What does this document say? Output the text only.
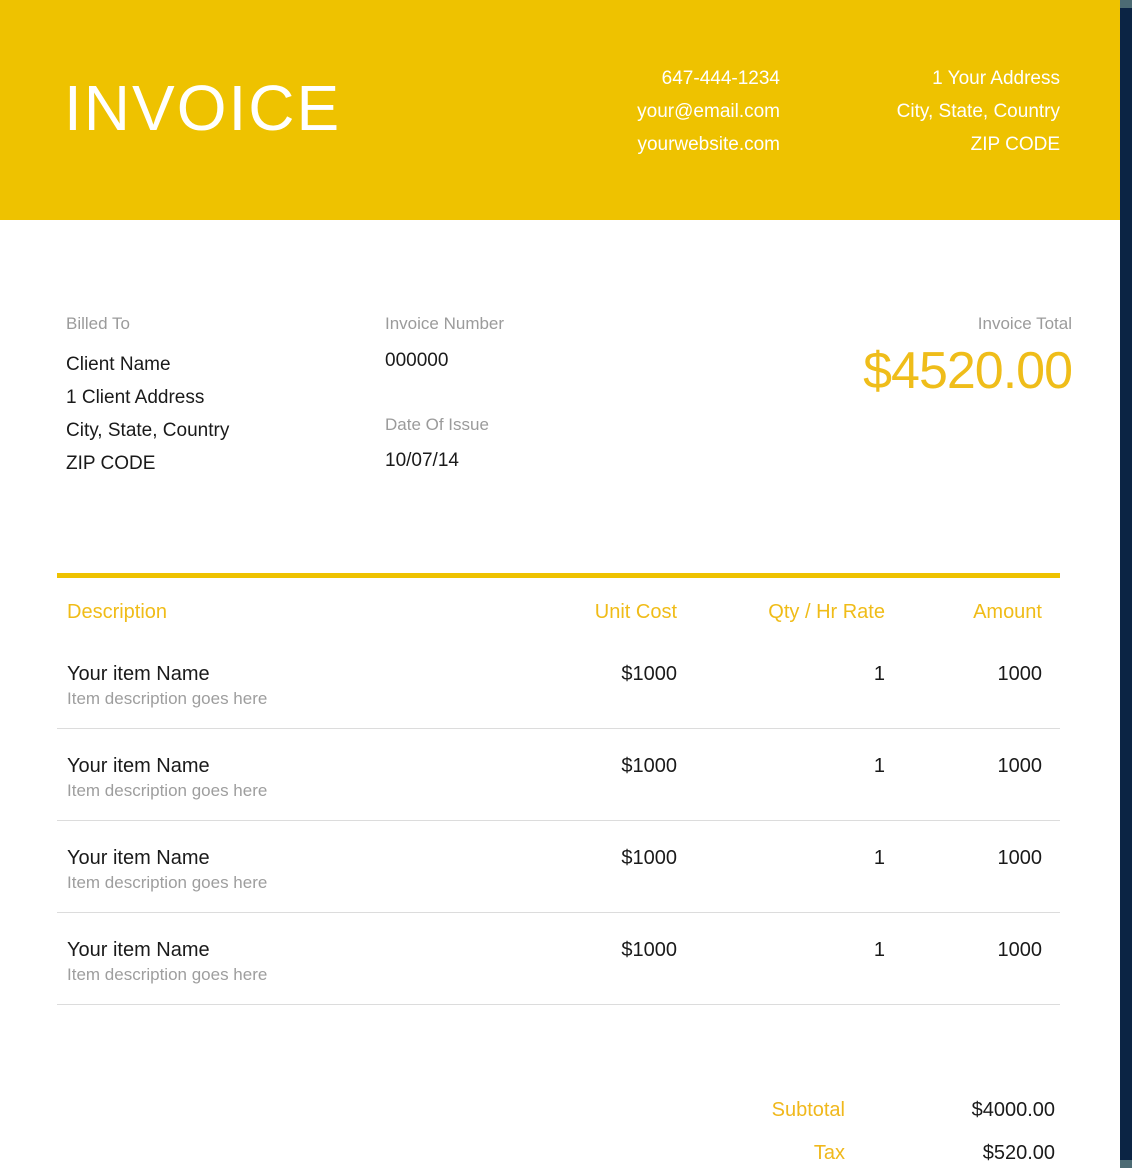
INVOICE	647-444-1234
your@email.com
yourwebsite.com
1 Your Address
City, State, Country
ZIP CODE
Billed To
Client Name
1 Client Address
City, State, Country
ZIP CODE
Invoice Number
000000
Date Of Issue
10/07/14
Invoice Total
$4520.00
Description	Unit Cost	Qty / Hr Rate	Amount
Your item Name	$1000	1	1000
Item description goes here
Your item Name	$1000	1	1000
Item description goes here
Your item Name	$1000	1	1000
Item description goes here
Your item Name	$1000	1	1000
Item description goes here
Subtotal	$4000.00
Tax	$520.00
